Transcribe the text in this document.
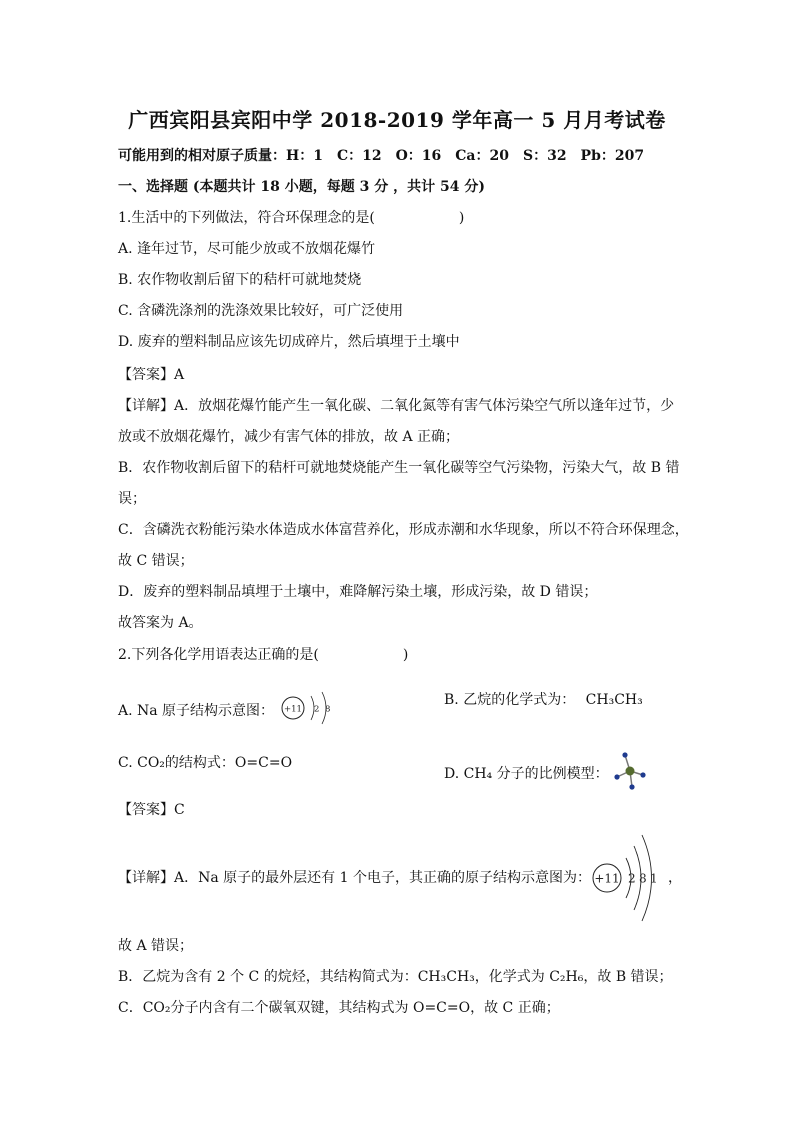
广西宾阳县宾阳中学 2018-2019 学年高一 5 月月考试卷
可能用到的相对原子质量：H：1　C：12　O：16　Ca：20　S：32　Pb：207
一、选择题 (本题共计 18 小题，每题 3 分 ，共计 54 分)
1.生活中的下列做法，符合环保理念的是(　　　　　　)
A. 逢年过节，尽可能少放或不放烟花爆竹
B. 农作物收割后留下的秸杆可就地焚烧
C. 含磷洗涤剂的洗涤效果比较好，可广泛使用
D. 废弃的塑料制品应该先切成碎片，然后填埋于土壤中
【答案】A
【详解】A．放烟花爆竹能产生一氧化碳、二氧化氮等有害气体污染空气所以逢年过节，少
放或不放烟花爆竹，减少有害气体的排放，故 A 正确；
B．农作物收割后留下的秸杆可就地焚烧能产生一氧化碳等空气污染物，污染大气，故 B 错
误；
C．含磷洗衣粉能污染水体造成水体富营养化，形成赤潮和水华现象，所以不符合环保理念，
故 C 错误；
D．废弃的塑料制品填埋于土壤中，难降解污染土壤，形成污染，故 D 错误；
故答案为 A。
2.下列各化学用语表达正确的是(　　　　　　)
A. Na 原子结构示意图： +11 2 8
B. 乙烷的化学式为： CH₃CH₃
C. CO₂的结构式：O=C=O
D. CH₄ 分子的比例模型：
【答案】C
【详解】A．Na 原子的最外层还有 1 个电子，其正确的原子结构示意图为： +11 2 8 1 ，
故 A 错误；
B．乙烷为含有 2 个 C 的烷烃，其结构简式为：CH₃CH₃，化学式为 C₂H₆，故 B 错误；
C．CO₂分子内含有二个碳氧双键，其结构式为 O=C=O，故 C 正确；
